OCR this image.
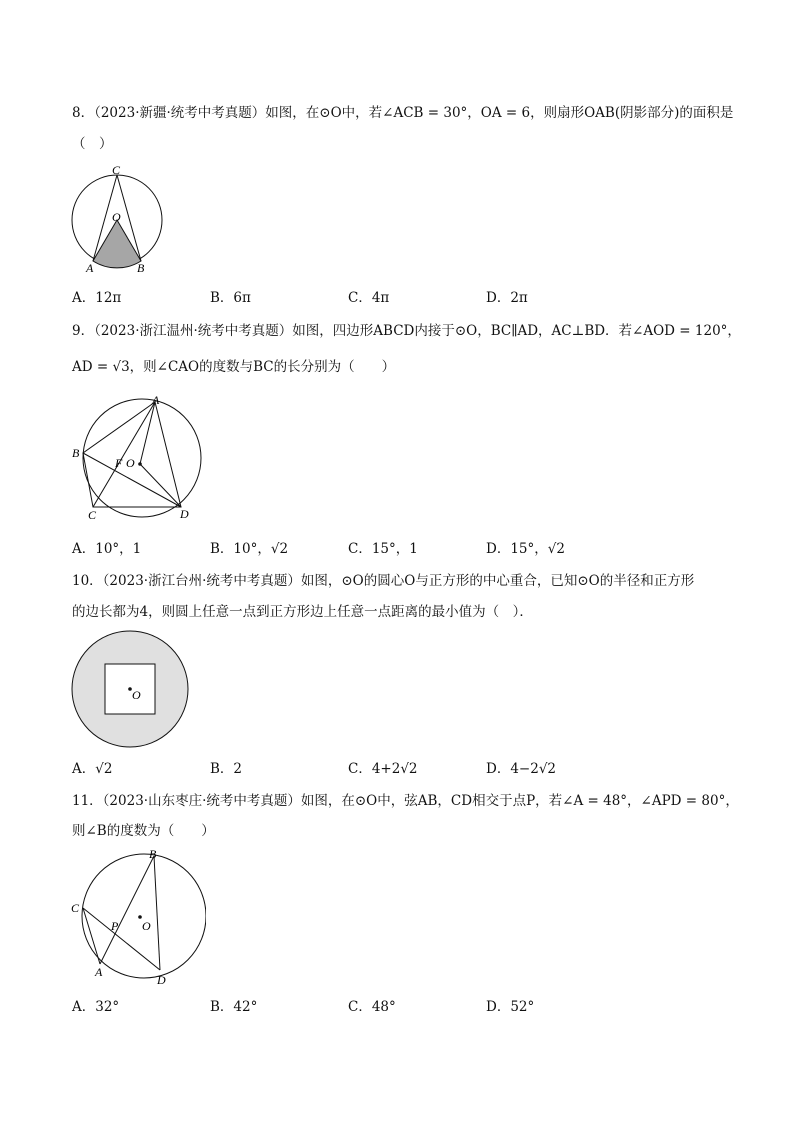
8．（2023·新疆·统考中考真题）如图，在⊙O中，若∠ACB = 30°，OA = 6，则扇形OAB(阴影部分)的面积是
（　）
C
O
A	B
A．12π	B．6π	C．4π	D．2π
9．（2023·浙江温州·统考中考真题）如图，四边形ABCD内接于⊙O，BC∥AD，AC⊥BD．若∠AOD = 120°，
AD = √3，则∠CAO的度数与BC的长分别为（　　）
A
B
C	D
F O
A．10°，1	B．10°，√2	C．15°，1	D．15°，√2
10．（2023·浙江台州·统考中考真题）如图，⊙O的圆心O与正方形的中心重合，已知⊙O的半径和正方形
的边长都为4，则圆上任意一点到正方形边上任意一点距离的最小值为（　）．
O
A．√2	B．2	C．4+2√2	D．4−2√2
11．（2023·山东枣庄·统考中考真题）如图，在⊙O中，弦AB，CD相交于点P，若∠A = 48°，∠APD = 80°，
则∠B的度数为（　　）
B
C
P O
A
D
A．32°	B．42°	C．48°	D．52°
